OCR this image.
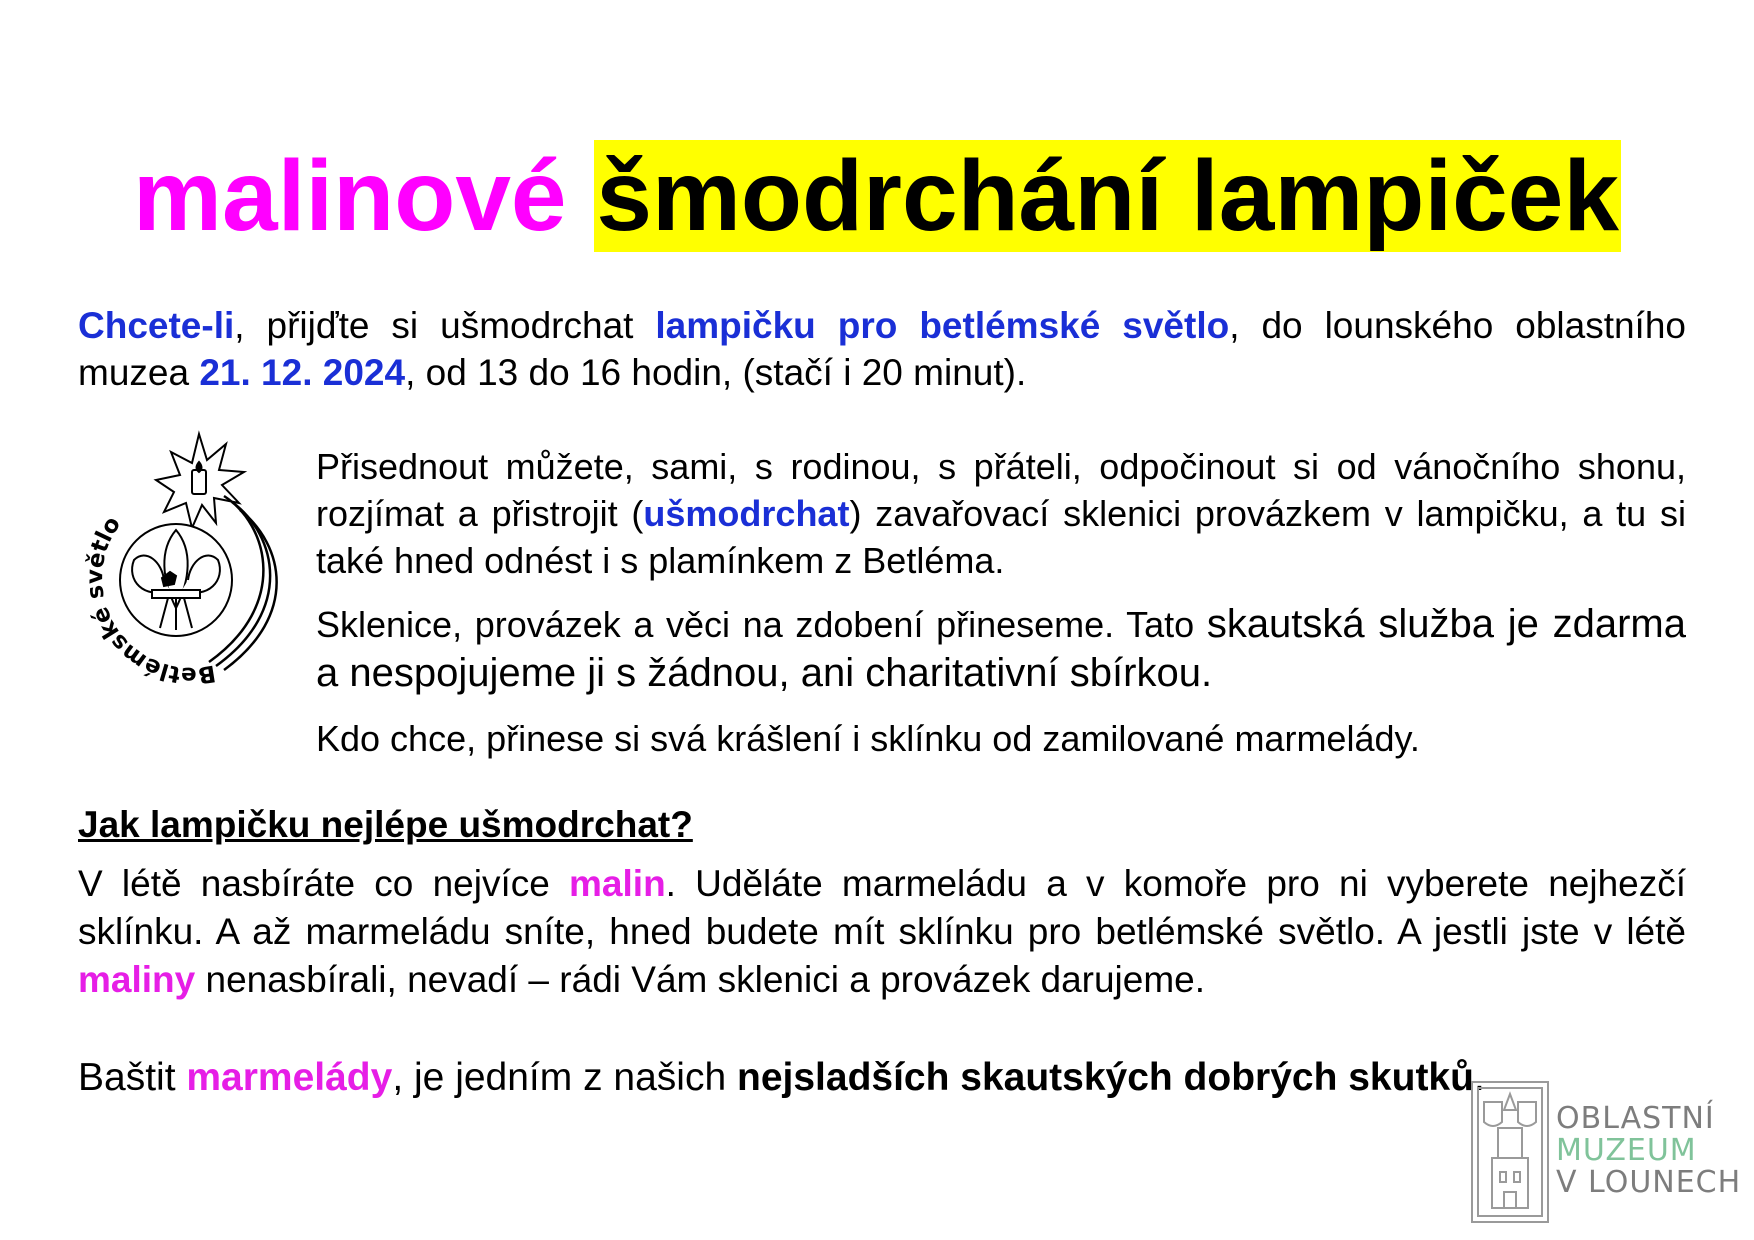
malinové šmodrchání lampiček
Chcete-li, přijďte si ušmodrchat lampičku pro betlémské světlo, do lounského oblastního muzea 21. 12. 2024, od 13 do 16 hodin, (stačí i 20 minut).
Betlémské světlo
Přisednout můžete, sami, s rodinou, s přáteli, odpočinout si od vánočního shonu, rozjímat a přistrojit (ušmodrchat) zavařovací sklenici provázkem v lampičku, a tu si také hned odnést i s plamínkem z Betléma.
Sklenice, provázek a věci na zdobení přineseme. Tato skautská služba je zdarma a nespojujeme ji s žádnou, ani charitativní sbírkou.
Kdo chce, přinese si svá krášlení i sklínku od zamilované marmelády.
Jak lampičku nejlépe ušmodrchat?
V létě nasbíráte co nejvíce malin. Uděláte marmeládu a v komoře pro ni vyberete nejhezčí sklínku. A až marmeládu sníte, hned budete mít sklínku pro betlémské světlo. A jestli jste v létě maliny nenasbírali, nevadí – rádi Vám sklenici a provázek darujeme.
Baštit marmelády, je jedním z našich nejsladších skautských dobrých skutků.
OBLASTNÍ
MUZEUM
V LOUNECH
